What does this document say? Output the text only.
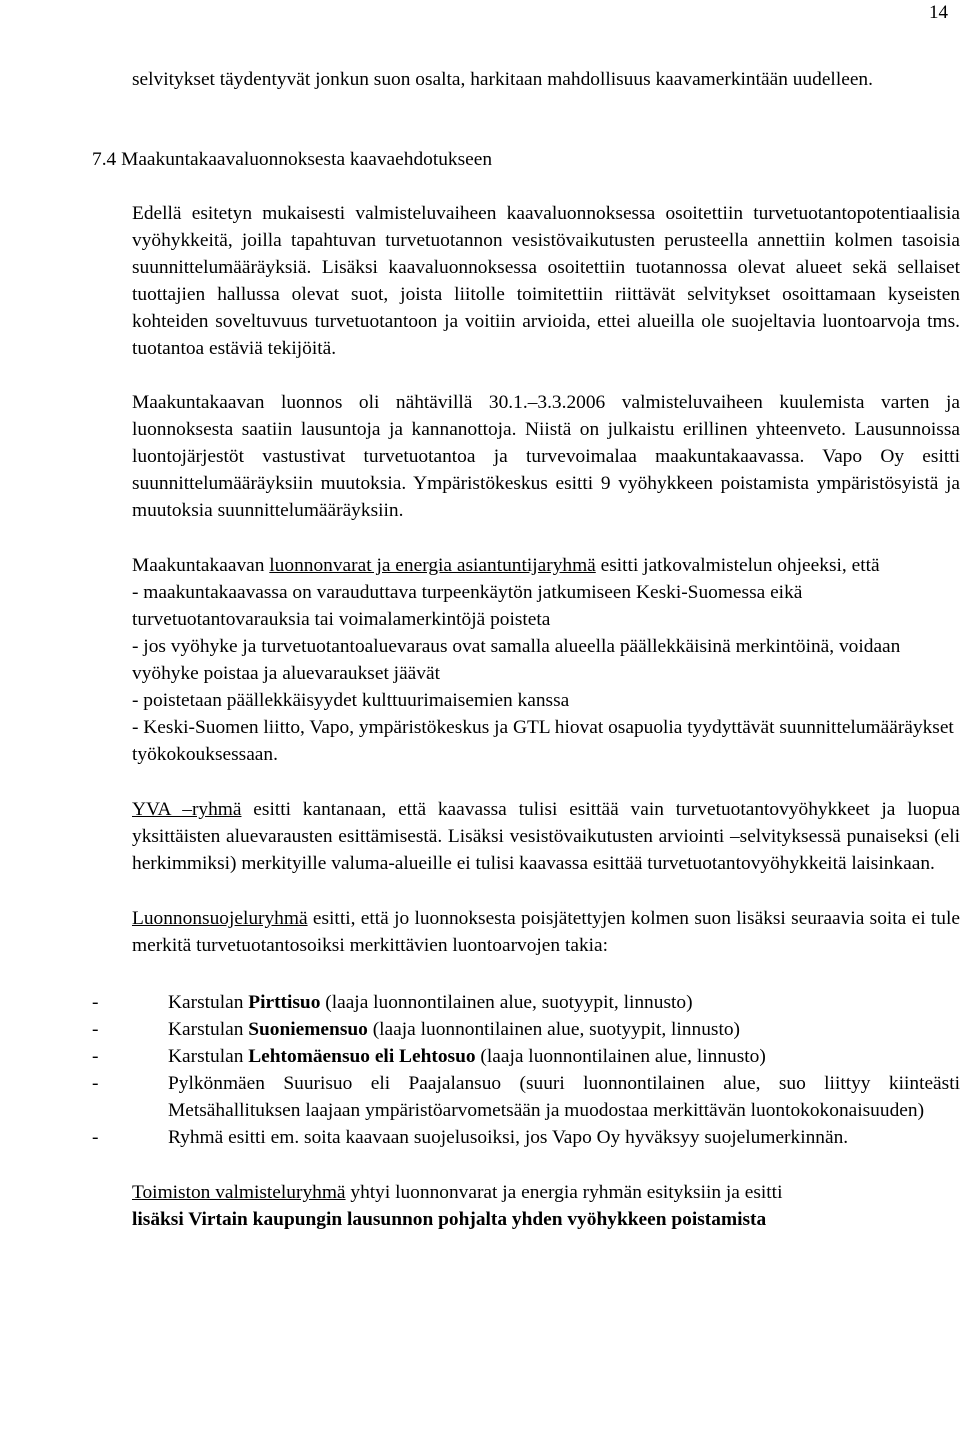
14

selvitykset täydentyvät jonkun suon osalta, harkitaan mahdollisuus kaavamerkintään uudelleen.

7.4 Maakuntakaavaluonnoksesta kaavaehdotukseen

Edellä esitetyn mukaisesti valmisteluvaiheen kaavaluonnoksessa osoitettiin turvetuotantopotentiaalisia vyöhykkeitä, joilla tapahtuvan turvetuotannon vesistövaikutusten perusteella annettiin kolmen tasoisia suunnittelumääräyksiä. Lisäksi kaavaluonnoksessa osoitettiin tuotannossa olevat alueet sekä sellaiset tuottajien hallussa olevat suot, joista liitolle toimitettiin riittävät selvitykset osoittamaan kyseisten kohteiden soveltuvuus turvetuotantoon ja voitiin arvioida, ettei alueilla ole suojeltavia luontoarvoja tms. tuotantoa estäviä tekijöitä.

Maakuntakaavan luonnos oli nähtävillä 30.1.–3.3.2006 valmisteluvaiheen kuulemista varten ja luonnoksesta saatiin lausuntoja ja kannanottoja. Niistä on julkaistu erillinen yhteenveto. Lausunnoissa luontojärjestöt vastustivat turvetuotantoa ja turvevoimalaa maakuntakaavassa. Vapo Oy esitti suunnittelumääräyksiin muutoksia. Ympäristökeskus esitti 9 vyöhykkeen poistamista ympäristösyistä ja muutoksia suunnittelumääräyksiin.

Maakuntakaavan luonnonvarat ja energia asiantuntijaryhmä esitti jatkovalmistelun ohjeeksi, että

- maakuntakaavassa on varauduttava turpeenkäytön jatkumiseen Keski-Suomessa eikä turvetuotantovarauksia tai voimalamerkintöjä poisteta
- jos vyöhyke ja turvetuotantoaluevaraus ovat samalla alueella päällekkäisinä merkintöinä, voidaan vyöhyke poistaa ja aluevaraukset jäävät
- poistetaan päällekkäisyydet kulttuurimaisemien kanssa
- Keski-Suomen liitto, Vapo, ympäristökeskus ja GTL hiovat osapuolia tyydyttävät suunnittelumääräykset työkokouksessaan.

YVA –ryhmä esitti kantanaan, että kaavassa tulisi esittää vain turvetuotantovyöhykkeet ja luopua yksittäisten aluevarausten esittämisestä. Lisäksi vesistövaikutusten arviointi –selvityksessä punaiseksi (eli herkimmiksi) merkityille valuma-alueille ei tulisi kaavassa esittää turvetuotantovyöhykkeitä laisinkaan.

Luonnonsuojeluryhmä esitti, että jo luonnoksesta poisjätettyjen kolmen suon lisäksi seuraavia soita ei tule merkitä turvetuotantosoiksi merkittävien luontoarvojen takia:

-	Karstulan Pirttisuo (laaja luonnontilainen alue, suotyypit, linnusto)
-	Karstulan Suoniemensuo (laaja luonnontilainen alue, suotyypit, linnusto)
-	Karstulan Lehtomäensuo eli Lehtosuo (laaja luonnontilainen alue, linnusto)
-	Pylkönmäen Suurisuo eli Paajalansuo (suuri luonnontilainen alue, suo liittyy kiinteästi Metsähallituksen laajaan ympäristöarvometsään ja muodostaa merkittävän luontokokonaisuuden)
-	Ryhmä esitti em. soita kaavaan suojelusoiksi, jos Vapo Oy hyväksyy suojelumerkinnän.

Toimiston valmisteluryhmä yhtyi luonnonvarat ja energia ryhmän esityksiin ja esitti
lisäksi Virtain kaupungin lausunnon pohjalta yhden vyöhykkeen poistamista
